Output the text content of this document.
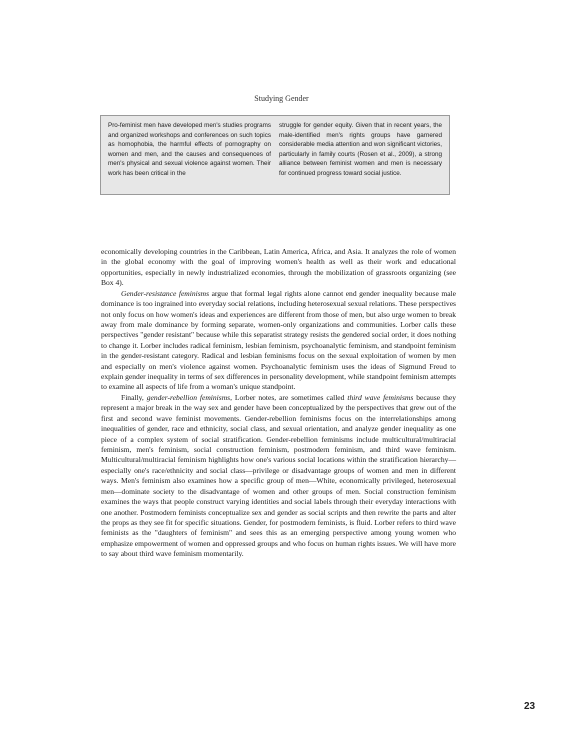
Studying Gender
Pro-feminist men have developed men's studies programs and organized workshops and conferences on such topics as homophobia, the harmful effects of pornography on women and men, and the causes and consequences of men's physical and sexual violence against women. Their work has been critical in the
struggle for gender equity. Given that in recent years, the male-identified men's rights groups have garnered considerable media attention and won significant victories, particularly in family courts (Rosen et al., 2009), a strong alliance between feminist women and men is necessary for continued progress toward social justice.

economically developing countries in the Caribbean, Latin America, Africa, and Asia. It analyzes the role of women in the global economy with the goal of improving women's health as well as their work and educational opportunities, especially in newly industrialized economies, through the mobilization of grassroots organizing (see Box 4).

Gender-resistance feminisms argue that formal legal rights alone cannot end gender inequality because male dominance is too ingrained into everyday social relations, including heterosexual sexual relations. These perspectives not only focus on how women's ideas and experiences are different from those of men, but also urge women to break away from male dominance by forming separate, women-only organizations and communities. Lorber calls these perspectives "gender resistant" because while this separatist strategy resists the gendered social order, it does nothing to change it. Lorber includes radical feminism, lesbian feminism, psychoanalytic feminism, and standpoint feminism in the gender-resistant category. Radical and lesbian feminisms focus on the sexual exploitation of women by men and especially on men's violence against women. Psychoanalytic feminism uses the ideas of Sigmund Freud to explain gender inequality in terms of sex differences in personality development, while standpoint feminism attempts to examine all aspects of life from a woman's unique standpoint.

Finally, gender-rebellion feminisms, Lorber notes, are sometimes called third wave feminisms because they represent a major break in the way sex and gender have been conceptualized by the perspectives that grew out of the first and second wave feminist movements. Gender-rebellion feminisms focus on the interrelationships among inequalities of gender, race and ethnicity, social class, and sexual orientation, and analyze gender inequality as one piece of a complex system of social stratification. Gender-rebellion feminisms include multicultural/multiracial feminism, men's feminism, social construction feminism, postmodern feminism, and third wave feminism. Multicultural/multiracial feminism highlights how one's various social locations within the stratification hierarchy—especially one's race/ethnicity and social class—privilege or disadvantage groups of women and men in different ways. Men's feminism also examines how a specific group of men—White, economically privileged, heterosexual men—dominate society to the disadvantage of women and other groups of men. Social construction feminism examines the ways that people construct varying identities and social labels through their everyday interactions with one another. Postmodern feminists conceptualize sex and gender as social scripts and then rewrite the parts and alter the props as they see fit for specific situations. Gender, for postmodern feminists, is fluid. Lorber refers to third wave feminists as the "daughters of feminism" and sees this as an emerging perspective among young women who emphasize empowerment of women and oppressed groups and who focus on human rights issues. We will have more to say about third wave feminism momentarily.

23
